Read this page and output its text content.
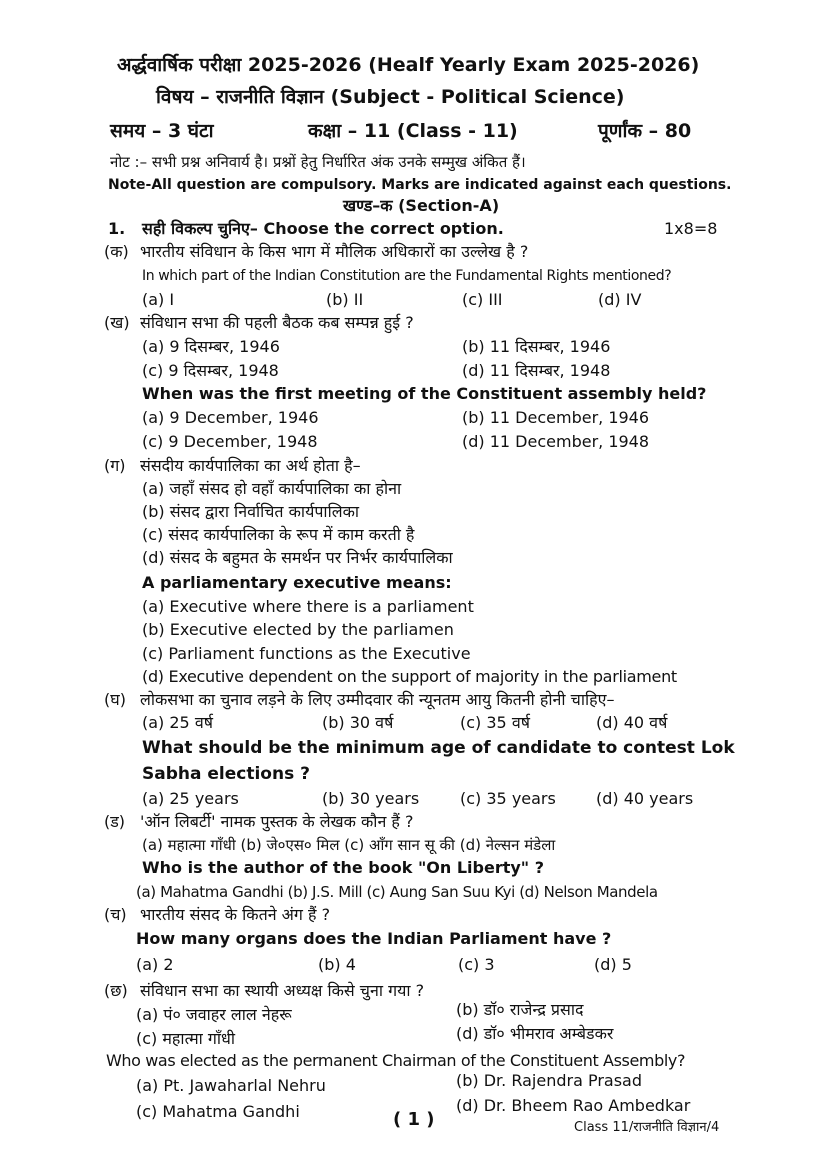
अर्द्धवार्षिक परीक्षा 2025-2026 (Healf Yearly Exam 2025-2026)
विषय – राजनीति विज्ञान (Subject - Political Science)
समय – 3 घंटा	कक्षा – 11 (Class - 11)	पूर्णांक – 80
नोट :– सभी प्रश्न अनिवार्य है। प्रश्नों हेतु निर्धारित अंक उनके सम्मुख अंकित हैं।
Note-All question are compulsory. Marks are indicated against each questions.
खण्ड–क (Section-A)
1. सही विकल्प चुनिए– Choose the correct option.	1x8=8
(क) भारतीय संविधान के किस भाग में मौलिक अधिकारों का उल्लेख है ?
In which part of the Indian Constitution are the Fundamental Rights mentioned?
(a) I	(b) II	(c) III	(d) IV
(ख) संविधान सभा की पहली बैठक कब सम्पन्न हुई ?
(a) 9 दिसम्बर, 1946	(b) 11 दिसम्बर, 1946
(c) 9 दिसम्बर, 1948	(d) 11 दिसम्बर, 1948
When was the first meeting of the Constituent assembly held?
(a) 9 December, 1946	(b) 11 December, 1946
(c) 9 December, 1948	(d) 11 December, 1948
(ग) संसदीय कार्यपालिका का अर्थ होता है–
(a) जहाँ संसद हो वहाँ कार्यपालिका का होना
(b) संसद द्वारा निर्वाचित कार्यपालिका
(c) संसद कार्यपालिका के रूप में काम करती है
(d) संसद के बहुमत के समर्थन पर निर्भर कार्यपालिका
A parliamentary executive means:
(a) Executive where there is a parliament
(b) Executive elected by the parliamen
(c) Parliament functions as the Executive
(d) Executive dependent on the support of majority in the parliament
(घ) लोकसभा का चुनाव लड़ने के लिए उम्मीदवार की न्यूनतम आयु कितनी होनी चाहिए–
(a) 25 वर्ष	(b) 30 वर्ष	(c) 35 वर्ष	(d) 40 वर्ष
What should be the minimum age of candidate to contest Lok
Sabha elections ?
(a) 25 years	(b) 30 years	(c) 35 years	(d) 40 years
(ड) 'ऑन लिबर्टी' नामक पुस्तक के लेखक कौन हैं ?
(a) महात्मा गाँधी (b) जे०एस० मिल (c) ऑंग सान सू की (d) नेल्सन मंडेला
Who is the author of the book "On Liberty" ?
(a) Mahatma Gandhi (b) J.S. Mill (c) Aung San Suu Kyi (d) Nelson Mandela
(च) भारतीय संसद के कितने अंग हैं ?
How many organs does the Indian Parliament have ?
(a) 2	(b) 4	(c) 3	(d) 5
(छ) संविधान सभा का स्थायी अध्यक्ष किसे चुना गया ?
(a) पं० जवाहर लाल नेहरू	(b) डॉ० राजेन्द्र प्रसाद
(c) महात्मा गाँधी	(d) डॉ० भीमराव अम्बेडकर
Who was elected as the permanent Chairman of the Constituent Assembly?
(a) Pt. Jawaharlal Nehru	(b) Dr. Rajendra Prasad
(c) Mahatma Gandhi	(d) Dr. Bheem Rao Ambedkar
( 1 )	Class 11/राजनीति विज्ञान/4
